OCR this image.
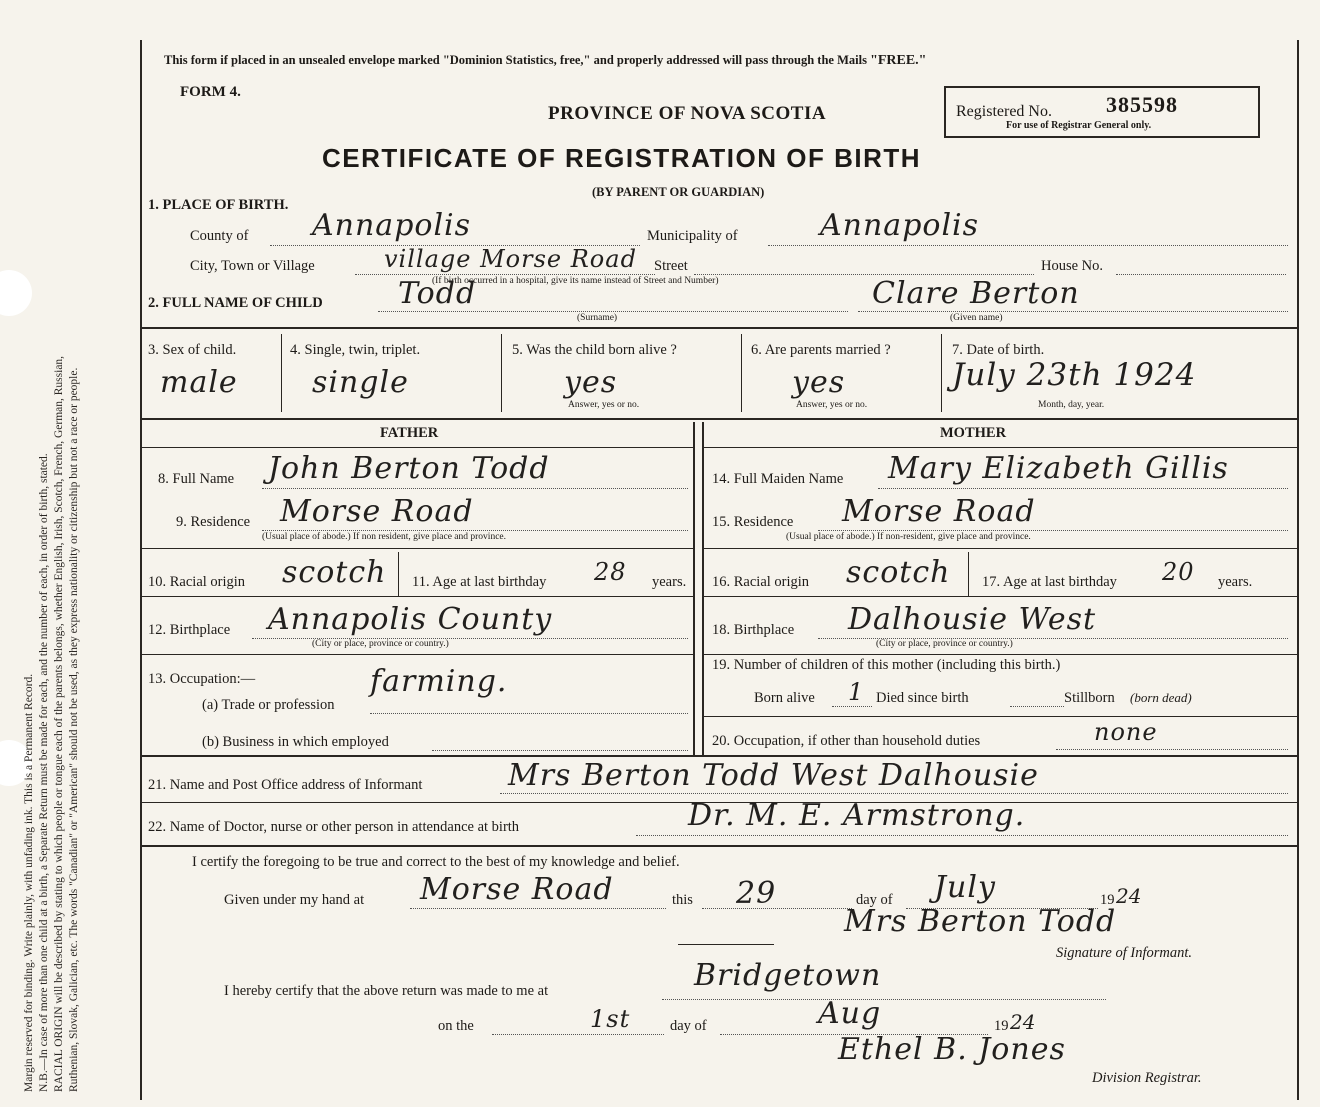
Margin reserved for binding. Write plainly, with unfading ink. This is a Permanent Record. N.B.—In case of more than one child at a birth, a Separate Return must be made for each, and the number of each, in order of birth, stated. RACIAL ORIGIN will be described by stating to which people or tongue each of the parents belongs, whether English, Irish, Scotch, French, German, Russian, Ruthenian, Slovak, Galician, etc. The words "Canadian" or "American" should not be used, as they express nationality or citizenship but not a race or people.
This form if placed in an unsealed envelope marked "Dominion Statistics, free," and properly addressed will pass through the Mails "FREE."
FORM 4.
PROVINCE OF NOVA SCOTIA	Registered No. 385598
For use of Registrar General only.
CERTIFICATE OF REGISTRATION OF BIRTH
(BY PARENT OR GUARDIAN)
1. PLACE OF BIRTH.
County of Annapolis	Municipality of	Annapolis
City, Town or Village	village Morse Road Street
(If birth occurred in a hospital, give its name instead of Street and Number)
House No.
2. FULL NAME OF CHILD	Todd
(Surname)
Clare Berton
(Given name)
3. Sex of child.
male
4. Single, twin, triplet.
single
5. Was the child born alive ?
yes
Answer, yes or no.
6. Are parents married ?
yes
Answer, yes or no.
7. Date of birth.
July 23th 1924
Month, day, year.
FATHER	MOTHER
8. Full Name John Berton Todd
9. Residence Morse Road
(Usual place of abode.) If non resident, give place and province.
10. Racial origin scotch 11. Age at last birthday 28 years.
12. Birthplace Annapolis County
(City or place, province or country.)
13. Occupation:—
(a) Trade or profession
farming.
(b) Business in which employed
14. Full Maiden Name Mary Elizabeth Gillis
15. Residence Morse Road
(Usual place of abode.) If non-resident, give place and province.
16. Racial origin scotch 17. Age at last birthday 20 years.
18. Birthplace Dalhousie West
(City or place, province or country.)
19. Number of children of this mother (including this birth.)
Born alive 1 Died since birth	Stillborn (born dead)
20. Occupation, if other than household duties	none
21. Name and Post Office address of Informant	Mrs Berton Todd West Dalhousie
22. Name of Doctor, nurse or other person in attendance at birth	Dr. M. E. Armstrong.
I certify the foregoing to be true and correct to the best of my knowledge and belief.
Given under my hand at Morse Road	this 29	day of July	19 24
Mrs Berton Todd
Signature of Informant.
I hereby certify that the above return was made to me at	Bridgetown
on the	1st	day of	Aug	19 24
Ethel B. Jones
Division Registrar.
